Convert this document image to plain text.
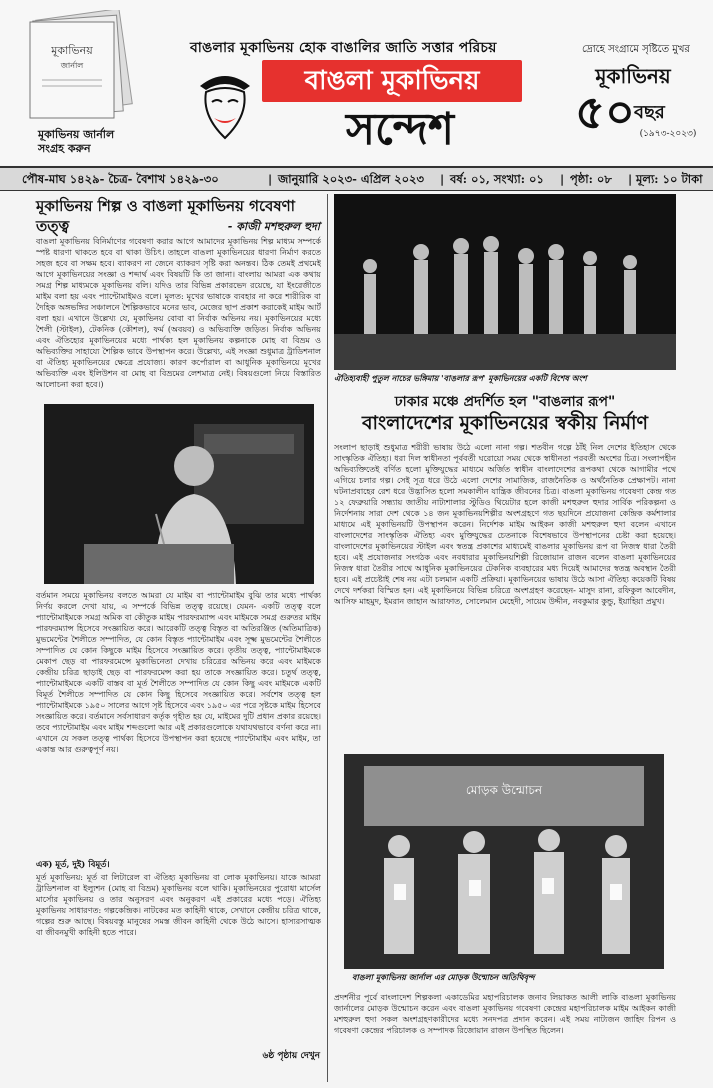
মূকাভিনয়
জার্নাল
মূকাভিনয় জার্নাল
সংগ্রহ করুন
বাঙলার মূকাভিনয় হোক বাঙালির জাতি সত্তার পরিচয়
বাঙলা মূকাভিনয়
সন্দেশ
দ্রোহে সংগ্রামে সৃষ্টিতে মুখর
মূকাভিনয়
৫০ বছর
(১৯৭৩-২০২৩)
পৌষ-মাঘ ১৪২৯- চৈত্র- বৈশাখ ১৪২৯-৩০	| জানুয়ারি ২০২৩- এপ্রিল ২০২৩ | বর্ষ: ০১, সংখ্যা: ০১ | পৃষ্ঠা: ০৮ | মূল্য: ১০ টাকা
মূকাভিনয় শিল্প ও বাঙলা মূকাভিনয় গবেষণা তত্ত্ব	- কাজী মশহুরুল হুদা
বাঙলা মূকাভিনয় বিনির্মাণের গবেষণা করার আগে আমাদের মূকাভিনয় শিল্প মাধ্যম সম্পর্কে স্পষ্ট ধারণা থাকতে হবে বা থাকা উচিৎ। তাহলে বাঙলা মূকাভিনয়ের ধারণা নির্মাণ করতে সহজ হবে বা সক্ষম হবে। ব্যাকরণ না জেনে ব্যাকরণ সৃষ্টি করা অনন্তব। ঠিক তেমই প্রথমেই আগে মূকাভিনয়ের সংজ্ঞা ও শব্দার্থ এবং বিষয়টি কি তা জানা। বাংলায় আমরা এক কথায় সমগ্র শিল্প মাধ্যমকে মূকাভিনয় বলি। যদিও তার বিভিন্ন প্রকারভেদ রয়েছে, যা ইংরেজীতে মাইম বলা হয় এবং প্যান্টোমাইমও বলে। মূলত: মূখের ভাষাকে ব্যবহার না করে শারীরিক বা দৈহিক অঙ্গভঙ্গির সঞ্চালনে শৈল্পিকভাবে মনের ভাব, মেজের ছাপ প্রকাশ করাকেই মাইম আর্ট বলা হয়। এখানে উল্লেখ্য যে, মূকাভিনয় বোবা বা নির্বাক অভিনয় নয়। মূকাভিনয়ের মধ্যে শৈলী (স্টাইল), টেকনিক (কৌশল), ফর্ম (অবয়ব) ও অভিব্যক্তি জড়িত। নির্বাক অভিনয় এবং ঐতিহ্যের মূকাভিনয়ের মধ্যে পার্থক্য হল মূকাভিনয় কল্পনাকে মোহ বা বিভ্রম ও অভিব্যক্তির সাহায্যে শৈল্পিক ভাবে উপস্থাপন করে। উল্লেখ্য, এই সংজ্ঞা শুধুমাত্র ট্রাডিশনাল বা ঐতিহ্য মূকাভিনয়ের ক্ষেত্রে প্রযোজ্য। কারণ কর্পোরাল বা আধুনিক মূকাভিনয়ে মূখের অভিব্যক্তি এবং ইলিউশন বা মোহ বা বিভ্রমের লেশমাত্র নেই। বিষয়গুলো নিয়ে বিস্তারিত আলোচনা করা হবে।)
বর্তমান সময়ে মূকাভিনয় বলতে আমরা যে মাইম বা প্যান্টোমাইম বুঝি তার মধ্যে পার্থক্য নির্ণয় করলে দেখা যায়, এ সম্পর্কে বিভিন্ন তত্ত্ব রয়েছে। যেমন- একটি তত্ত্ব বলে প্যান্টোমাইমকে সমগ্র অমিক বা কৌতুক মাইম পারফরম্যান্স এবং মাইমকে সমগ্র গুরুতর মাইম পারফরম্যান্স হিসেবে সংজ্ঞায়িত করে। আরেকটি তত্ত্ব বিস্তৃত বা অতিরঞ্জিত (অতিমাত্রিক) মুভমেন্টের শৈলীতে সম্পাদিত, যে কোন বিস্তৃত প্যান্টোমাইম এবং সূক্ষ্ম মুভমেন্টের শৈলীতে সম্পাদিত যে কোন কিছুকে মাইম হিসেবে সংজ্ঞায়িত করে। তৃতীয় তত্ত্ব, প্যান্টোমাইমকে মেকাপ ছেড় বা পারফরমেন্সে মুকাভিনেতা দেখায় চরিত্রের অভিনয় করে এবং মাইমকে কেন্দ্রীয় চরিত্র ছাড়াই ছেড় বা পারফরমেন্স করা হয় তাকে সংজ্ঞায়িত করে। চতুর্থ তত্ত্ব, প্যান্টোমাইমকে একটি বাস্তব বা মূর্ত শৈলীতে সম্পাদিত যে কোন কিছু এবং মাইমকে একটি বিমূর্ত শৈলীতে সম্পাদিত যে কোন কিছু হিসেবে সংজ্ঞায়িত করে। সর্বশেষ তত্ত্ব হল প্যান্টোমাইমকে ১৯৫০ সালের আগে সৃষ্ট হিসেবে এবং ১৯৫০ এর পরে সৃষ্টকে মাইম হিসেবে সংজ্ঞায়িত করে। বর্তমানে সর্বসাধারণ কর্তৃক গৃহীত হয় যে, মাইমের দুটি প্রধান প্রকার রয়েছে। তবে প্যান্টোমাইম এবং মাইম শব্দগুলো আর এই প্রকারগুলোকে যথাযথভাবে বর্ণনা করে না। এখানে যে সকল তত্ত্ব পার্থক্য হিসেবে উপস্থাপন করা হয়েছে প্যান্টোমাইম এবং মাইম, তা একান্ত আর গুরুত্বপূর্ণ নয়।
এক) মূর্ত, দুই) বিমূর্ত।
মূর্ত মূকাভিনয়: মূর্ত বা লিটারেল বা ঐতিহ্য মূকাভিনয় বা লোক মূকাভিনয়। যাকে আমরা ট্রাডিশনাল বা ইল্যুশন (মোহ বা বিভ্রম) মূকাভিনয় বলে থাকি। মূকাভিনয়ের পুরোধা মার্সেল মার্সোর মূকাভিনয় ও তার অনুসরণ এবং অনুকরণ এই প্রকারের মধ্যে পড়ে। ঐতিহ্য মূকাভিনয় সাধারণত: গল্পকেন্দ্রিক। নাটকের মত কাহিনী থাকে, সেখানে কেন্দ্রীয় চরিত্র থাকে, গল্পের শুরু আছে। বিষয়বস্তু মানুষের সমস্ত জীবন কাহিনী থেকে উঠে আসে। হাস্যরসাত্মক বা জীবনমুখী কাহিনী হতে পারে।
৬ষ্ঠ পৃষ্ঠায় দেখুন
ঐতিহ্যবাহী পুতুল নাচের ভঙ্গিমায় 'বাঙলার রূপ' মূকাভিনয়ের একটি বিশেষ অংশ
ঢাকার মঞ্চে প্রদর্শিত হল "বাঙলার রূপ"
বাংলাদেশের মূকাভিনয়ের স্বকীয় নির্মাণ
সংলাপ ছাড়াই শুধুমাত্র শরীরী ভাষায় উঠে এলো নানা গল্প। শতবীন গল্পে ঠাঁই নিল দেশের ইতিহাস থেকে সাংস্কৃতিক ঐতিহ্য। ধরা দিল স্বাধীনতা পূর্ববর্তী ঘরোয়ো সময় থেকে স্বাধীনতা পরবর্তী অংশের চিত্র। সংলাপহীন অভিব্যক্তিতেই বর্ণিত হলো মুক্তিযুদ্ধের মাধ্যমে অর্জিত স্বাধীন বাংলাদেশের রূপকথা থেকে আগামীর পথে এগিয়ে চলার গল্প। সেই সূত্র ধরে উঠে এলো দেশের সামাজিক, রাজনৈতিক ও অর্থনৈতিক প্রেক্ষাপট। নানা ঘটনাপ্রবাহের রেশ ধরে উদ্ভাসিত হলো সমকালীন যান্ত্রিক জীবনের চিত্র। বাঙলা মূকাভিনয় গবেষণা কেন্দ্র গত ১২ ফেব্রুয়ারি সন্ধ্যায় জাতীয় নাট্যশালার স্টুডিও থিয়েটার হলে কাজী মশহুরুল হুদার সার্বিক পরিকল্পনা ও নির্দেশনায় সারা দেশ থেকে ১৪ জন মূকাভিনয়শিল্পীর অংশগ্রহণে গত ছয়দিনে প্রযোজনা কেন্দ্রিক কর্মশালার মাধ্যমে এই মূকাভিনয়টি উপস্থাপন করেন। নির্দেশক মাইম আইকন কাজী মশহুরুল হুদা বলেন এখানে বাংলাদেশের সাংস্কৃতিক ঐতিহ্য এবং মুক্তিযুদ্ধের চেতনাকে বিশেষভাবে উপস্থাপনের চেষ্টা করা হয়েছে। বাংলাদেশের মূকাভিনয়ের স্টাইল এবং স্বতন্ত্র প্রকাশের মাধ্যমেই বাঙলার মূকাভিনয় রূপ বা নিজস্ব ধারা তৈরী হবে। এই প্রযোজনার সংগঠক এবং নবধারার মূকাভিনয়শিল্পী রিজোয়ান রাজন বলেন বাঙলা মূকাভিনয়ের নিজস্ব ধারা তৈরীর সাথে আধুনিক মূকাভিনয়ের টেকনিক ব্যবহারের মধ্য দিয়েই আমাদের স্বতন্ত্র অবস্থান তৈরী হবে। এই প্রচেষ্টাই শেষ নয় এটা চলমান একটি প্রক্রিয়া। মূকাভিনয়ের ভাষায় উঠে আসা ঐতিহ্য কয়েকটি বিষয় দেখে দর্শকরা বিস্মিত হন। এই মূকাভিনয়ে বিভিন্ন চরিত্রে অংশগ্রহণ করেছেন- মাসুদ রানা, রফিকুল আবেদীন, আসিফ মাহমুদ, ইমরান জাহান আরাফাত, সোলেমান মেহেদী, সায়েম উদ্দীন, নবকুমার কুন্ডু, ইয়াহিয়া প্রমুখ।
মোড়ক উন্মোচন
বাঙলা মূকাভিনয় জার্নাল এর মোড়ক উন্মোচন অতিথিবৃন্দ
প্রদর্শনীর পূর্বে বাংলাদেশ শিল্পকলা একাডেমির মহাপরিচালক জনাব লিয়াকত আলী লাকি বাঙলা মূকাভিনয় জার্নালের মোড়ক উন্মোচন করেন এবং বাঙলা মূকাভিনয় গবেষণা কেন্দ্রের মহাপরিচালক মাইম আইকন কাজী মশহুরুল হুদা সকল অংশগ্রহণকারীদের মধ্যে সনদপত্র প্রদান করেন। এই সময় নাট্যজন জাহিদ রিপন ও গবেষণা কেন্দ্রের পরিচালক ও সম্পাদক রিজোয়ান রাজন উপস্থিত ছিলেন।
